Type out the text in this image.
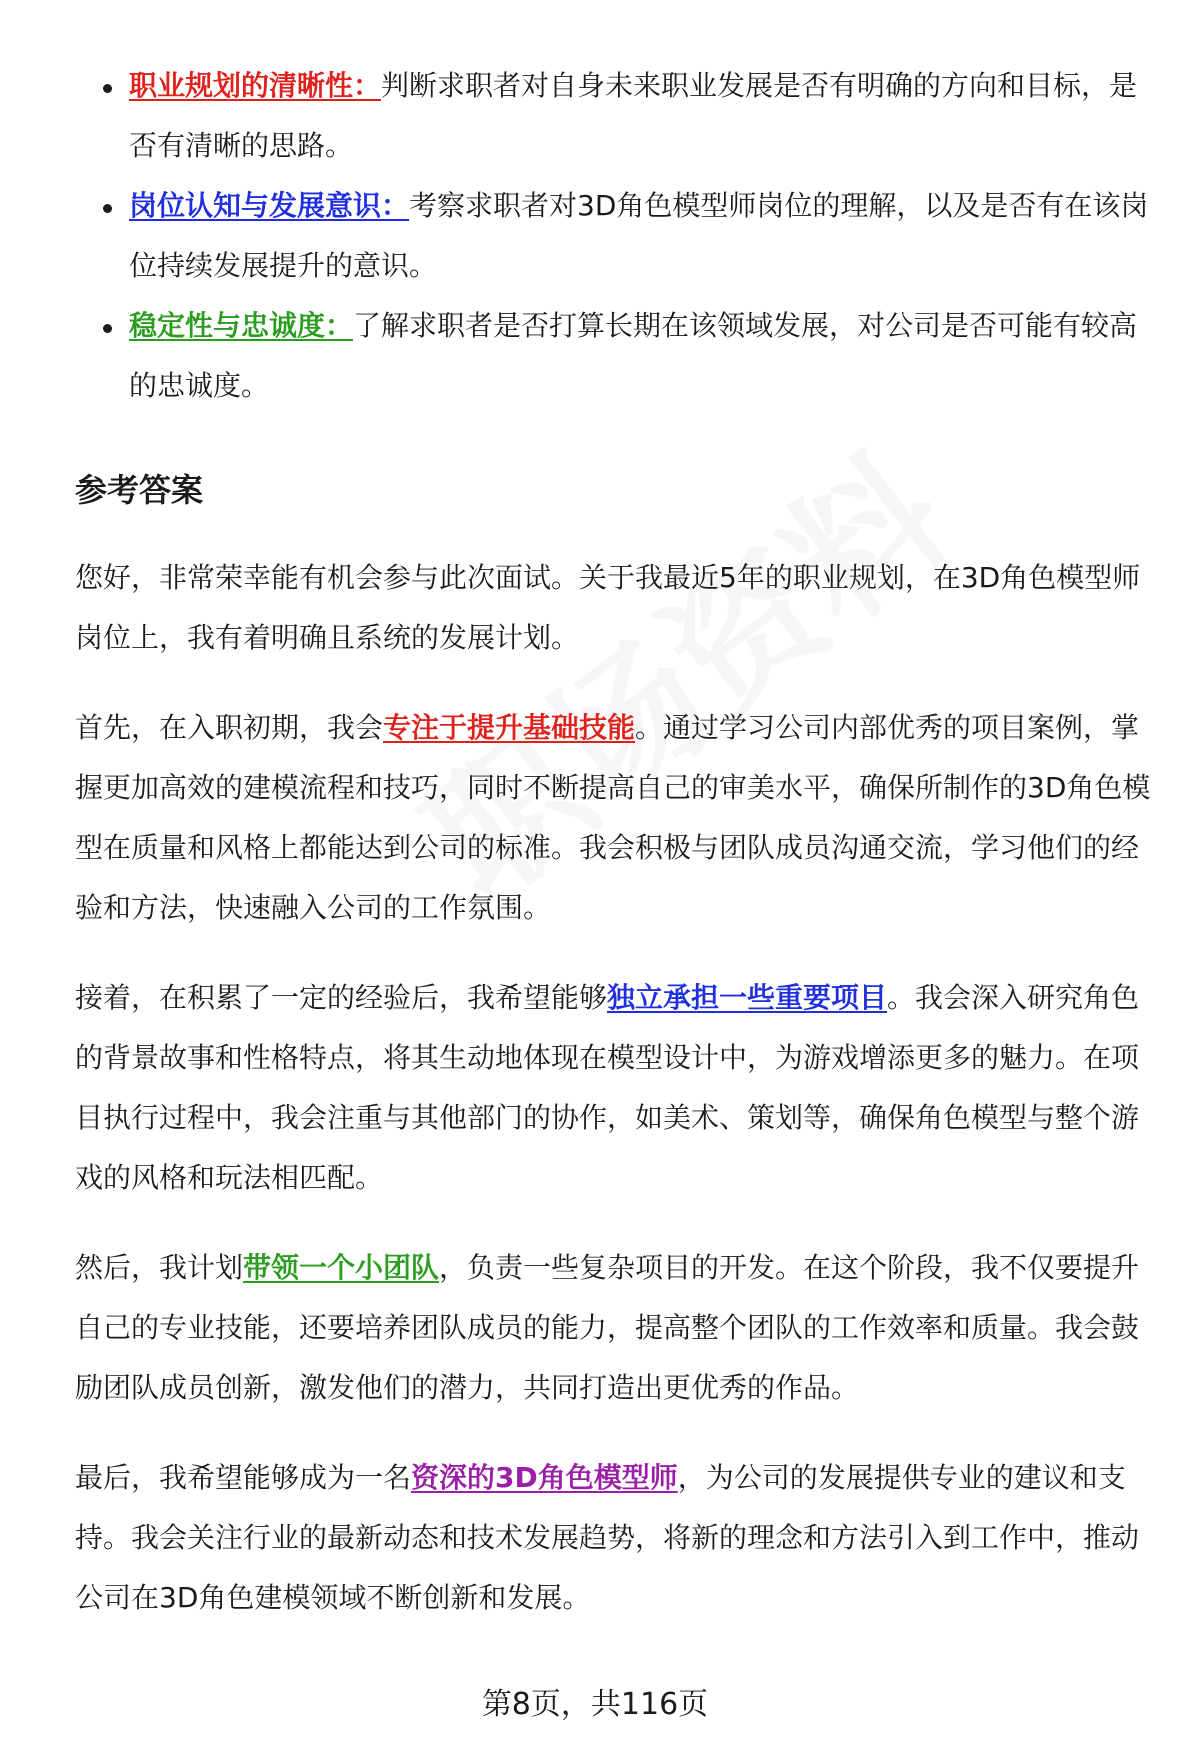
职业规划的清晰性：判断求职者对自身未来职业发展是否有明确的方向和目标，是否有清晰的思路。
岗位认知与发展意识：考察求职者对3D角色模型师岗位的理解，以及是否有在该岗位持续发展提升的意识。
稳定性与忠诚度：了解求职者是否打算长期在该领域发展，对公司是否可能有较高的忠诚度。
参考答案

您好，非常荣幸能有机会参与此次面试。关于我最近5年的职业规划，在3D角色模型师岗位上，我有着明确且系统的发展计划。

首先，在入职初期，我会专注于提升基础技能。通过学习公司内部优秀的项目案例，掌握更加高效的建模流程和技巧，同时不断提高自己的审美水平，确保所制作的3D角色模型在质量和风格上都能达到公司的标准。我会积极与团队成员沟通交流，学习他们的经验和方法，快速融入公司的工作氛围。

接着，在积累了一定的经验后，我希望能够独立承担一些重要项目。我会深入研究角色的背景故事和性格特点，将其生动地体现在模型设计中，为游戏增添更多的魅力。在项目执行过程中，我会注重与其他部门的协作，如美术、策划等，确保角色模型与整个游戏的风格和玩法相匹配。

然后，我计划带领一个小团队，负责一些复杂项目的开发。在这个阶段，我不仅要提升自己的专业技能，还要培养团队成员的能力，提高整个团队的工作效率和质量。我会鼓励团队成员创新，激发他们的潜力，共同打造出更优秀的作品。

最后，我希望能够成为一名资深的3D角色模型师，为公司的发展提供专业的建议和支持。我会关注行业的最新动态和技术发展趋势，将新的理念和方法引入到工作中，推动公司在3D角色建模领域不断创新和发展。

第8页，共116页
